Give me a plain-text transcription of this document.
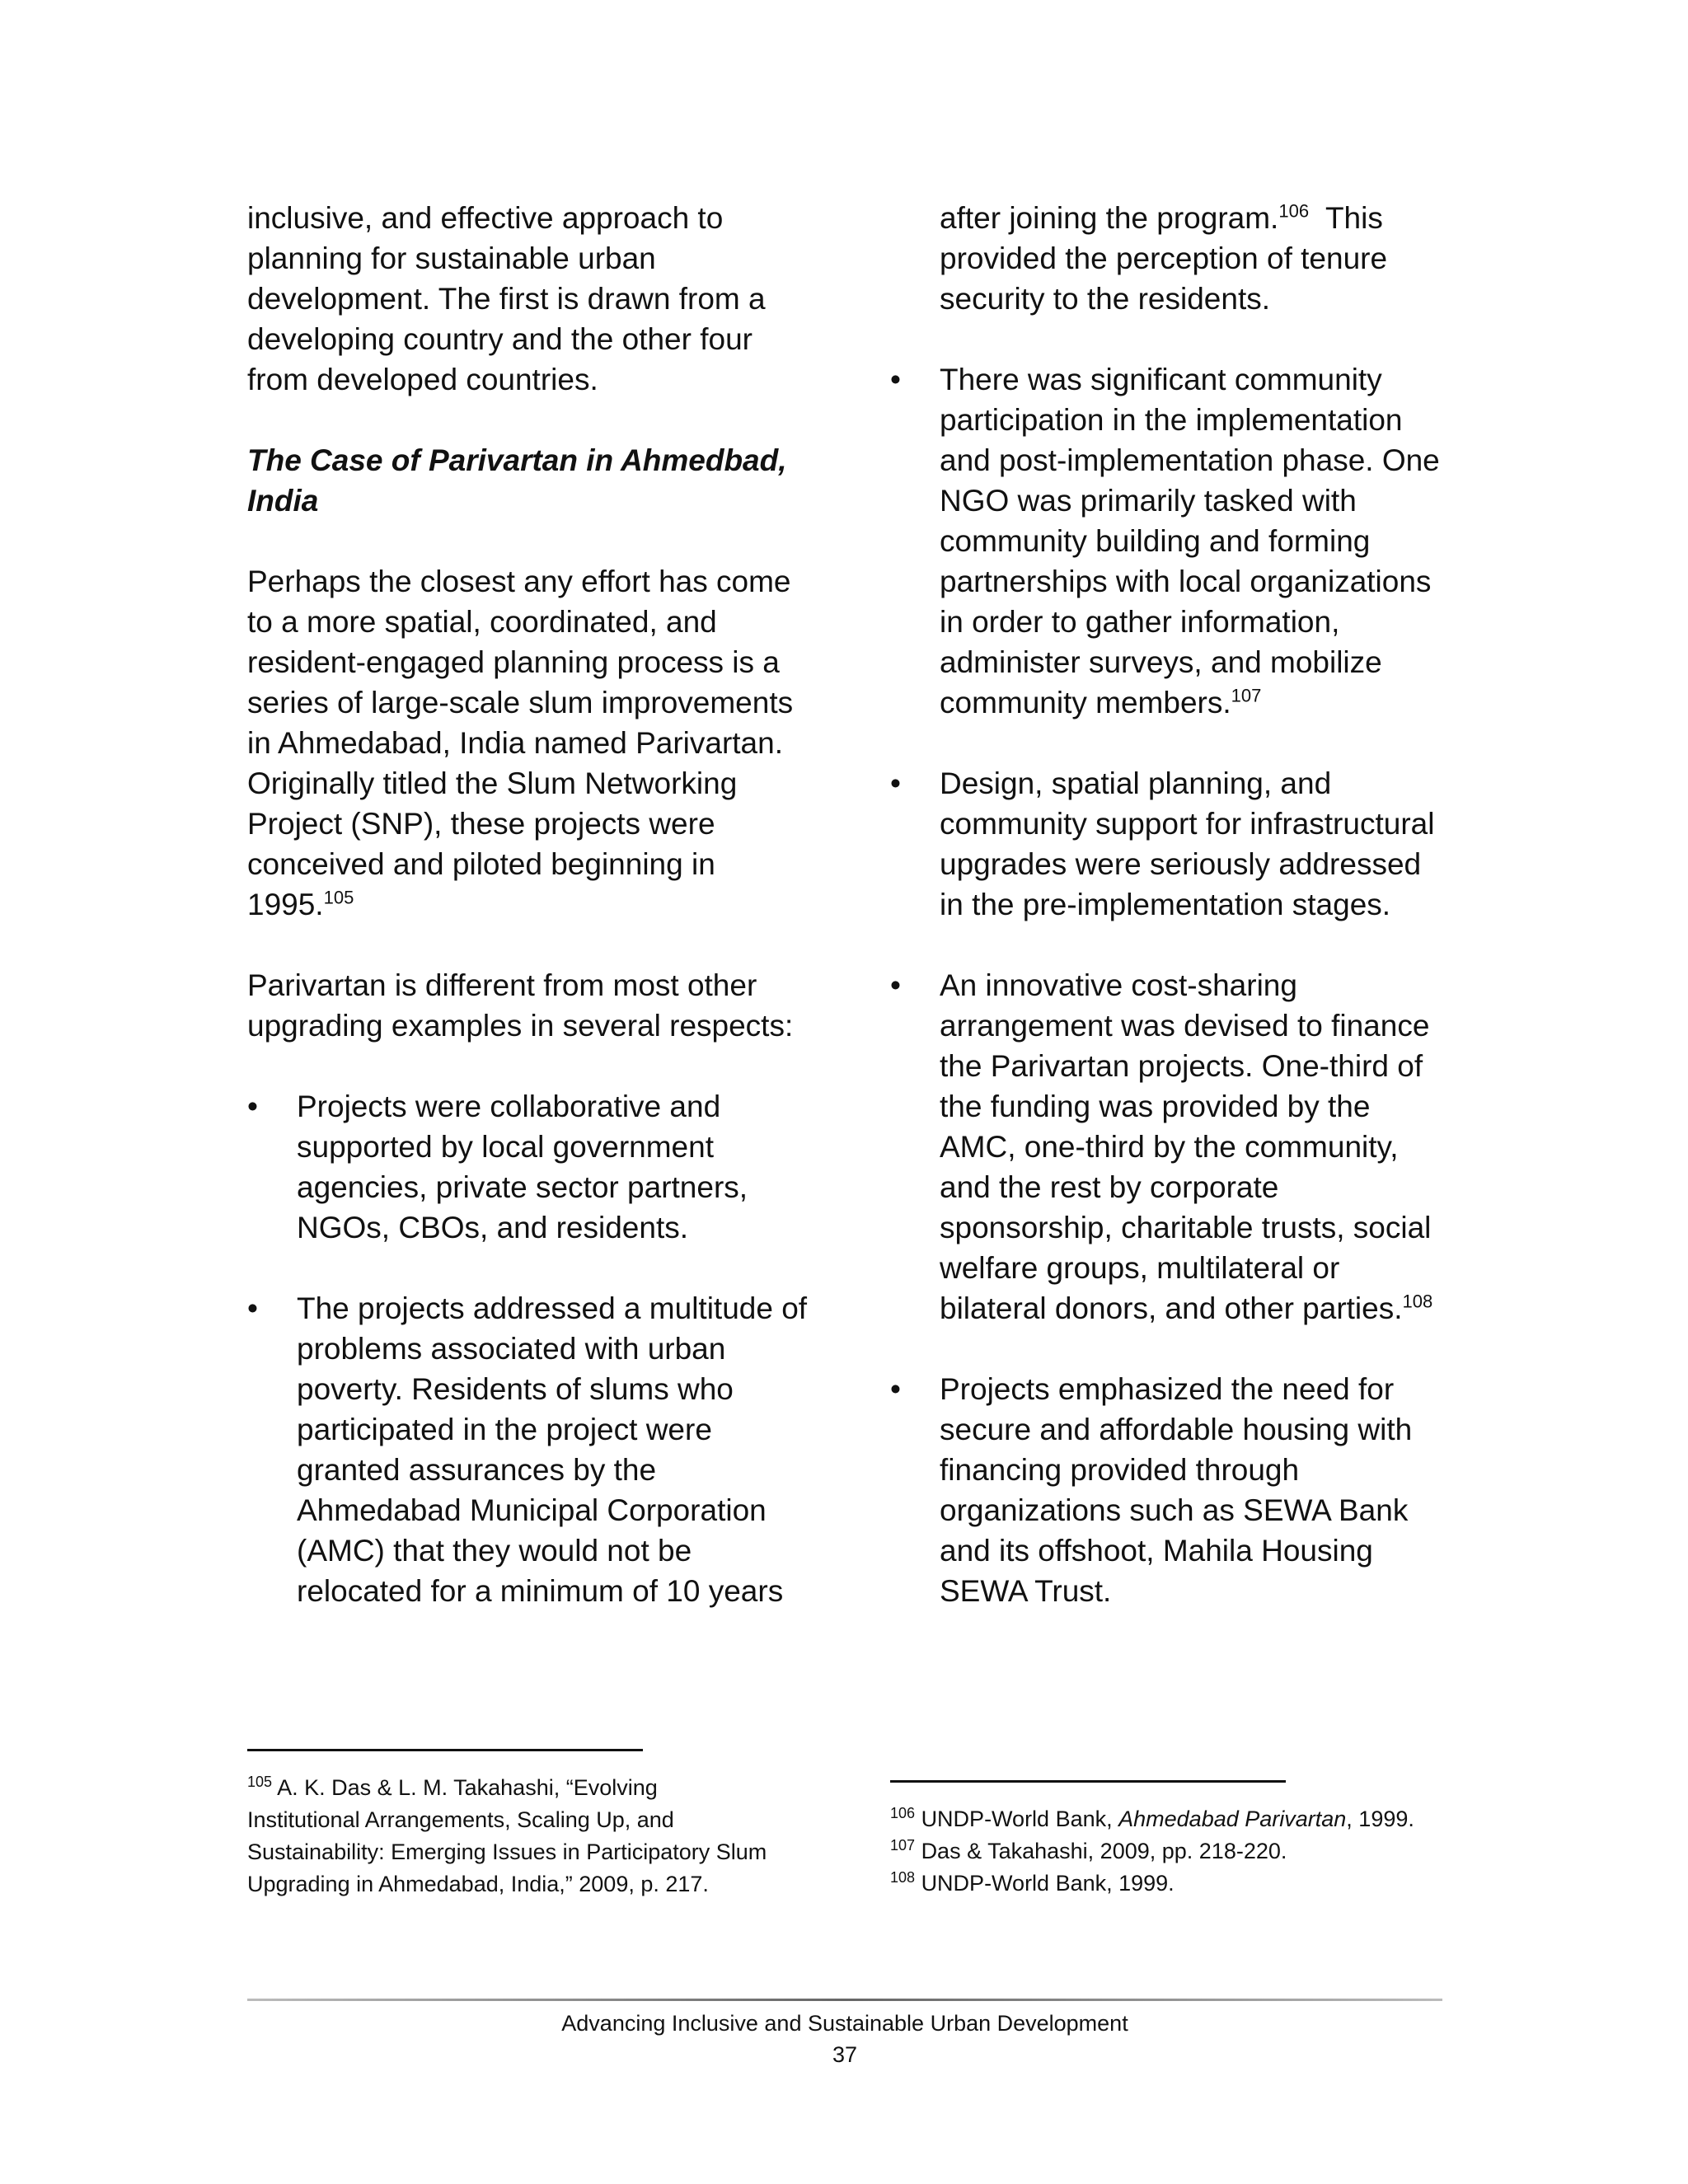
inclusive, and effective approach to planning for sustainable urban development. The first is drawn from a developing country and the other four from developed countries.

The Case of Parivartan in Ahmedbad, India

Perhaps the closest any effort has come to a more spatial, coordinated, and resident-engaged planning process is a series of large-scale slum improvements in Ahmedabad, India named Parivartan. Originally titled the Slum Networking Project (SNP), these projects were conceived and piloted beginning in 1995.$^{105}$

Parivartan is different from most other upgrading examples in several respects:

• Projects were collaborative and supported by local government agencies, private sector partners, NGOs, CBOs, and residents.
• The projects addressed a multitude of problems associated with urban poverty. Residents of slums who participated in the project were granted assurances by the Ahmedabad Municipal Corporation (AMC) that they would not be relocated for a minimum of 10 years

after joining the program.$^{106}$  This provided the perception of tenure security to the residents.

• There was significant community participation in the implementation and post-implementation phase. One NGO was primarily tasked with community building and forming partnerships with local organizations in order to gather information, administer surveys, and mobilize community members.$^{107}$
• Design, spatial planning, and community support for infrastructural upgrades were seriously addressed in the pre-implementation stages.
• An innovative cost-sharing arrangement was devised to finance the Parivartan projects. One-third of the funding was provided by the AMC, one-third by the community, and the rest by corporate sponsorship, charitable trusts, social welfare groups, multilateral or bilateral donors, and other parties.$^{108}$
• Projects emphasized the need for secure and affordable housing with financing provided through organizations such as SEWA Bank and its offshoot, Mahila Housing SEWA Trust.
$^{105}$ A. K. Das & L. M. Takahashi, “Evolving Institutional Arrangements, Scaling Up, and Sustainability: Emerging Issues in Participatory Slum Upgrading in Ahmedabad, India,” 2009, p. 217.
$^{106}$ UNDP-World Bank, Ahmedabad Parivartan, 1999.
$^{107}$ Das & Takahashi, 2009, pp. 218-220.
$^{108}$ UNDP-World Bank, 1999.
Advancing Inclusive and Sustainable Urban Development
37
